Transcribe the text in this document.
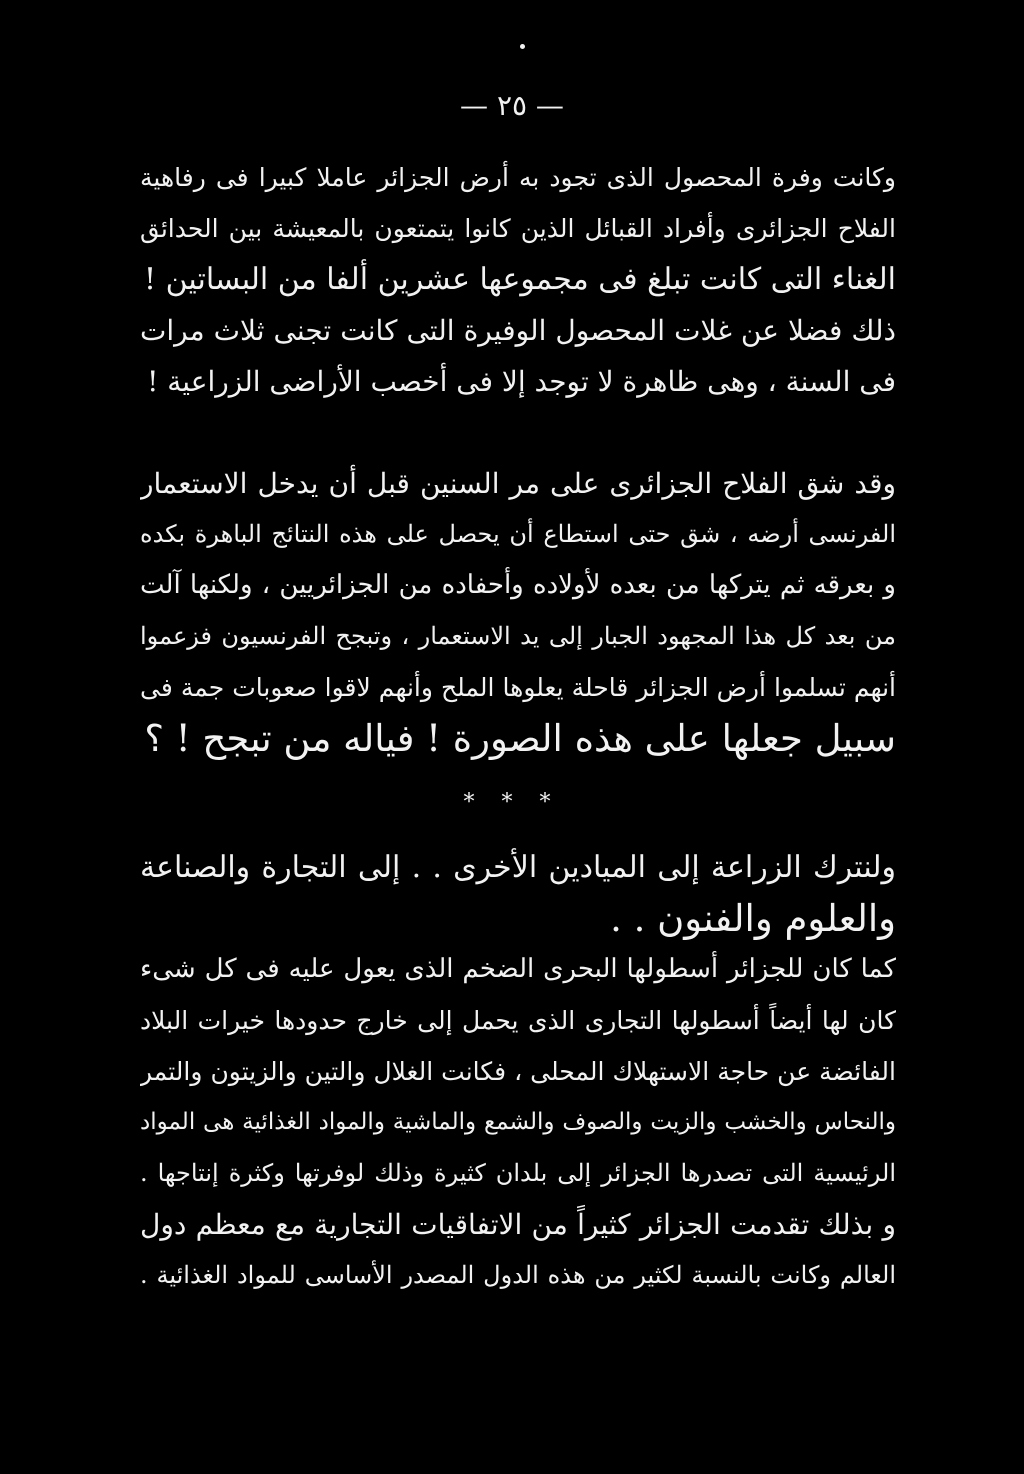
— ٢٥ —
وكانت وفرة المحصول الذى تجود به أرض الجزائر عاملا كبيرا فى رفاهية
الفلاح الجزائرى وأفراد القبائل الذين كانوا يتمتعون بالمعيشة بين الحدائق
الغناء التى كانت تبلغ فى مجموعها عشرين ألفا من البساتين !
ذلك فضلا عن غلات المحصول الوفيرة التى كانت تجنى ثلاث مرات
فى السنة ، وهى ظاهرة لا توجد إلا فى أخصب الأراضى الزراعية !
وقد شق الفلاح الجزائرى على مر السنين قبل أن يدخل الاستعمار
الفرنسى أرضه ، شق حتى استطاع أن يحصل على هذه النتائج الباهرة بكده
و بعرقه ثم يتركها من بعده لأولاده وأحفاده من الجزائريين ، ولكنها آلت
من بعد كل هذا المجهود الجبار إلى يد الاستعمار ، وتبجح الفرنسيون فزعموا
أنهم تسلموا أرض الجزائر قاحلة يعلوها الملح وأنهم لاقوا صعوبات جمة فى
سبيل جعلها على هذه الصورة ! فياله من تبجح ! ؟
* * *
ولنترك الزراعة إلى الميادين الأخرى . . إلى التجارة والصناعة
والعلوم والفنون . .
كما كان للجزائر أسطولها البحرى الضخم الذى يعول عليه فى كل شىء
كان لها أيضاً أسطولها التجارى الذى يحمل إلى خارج حدودها خيرات البلاد
الفائضة عن حاجة الاستهلاك المحلى ، فكانت الغلال والتين والزيتون والتمر
والنحاس والخشب والزيت والصوف والشمع والماشية والمواد الغذائية هى المواد
الرئيسية التى تصدرها الجزائر إلى بلدان كثيرة وذلك لوفرتها وكثرة إنتاجها .
و بذلك تقدمت الجزائر كثيراً من الاتفاقيات التجارية مع معظم دول
العالم وكانت بالنسبة لكثير من هذه الدول المصدر الأساسى للمواد الغذائية .
